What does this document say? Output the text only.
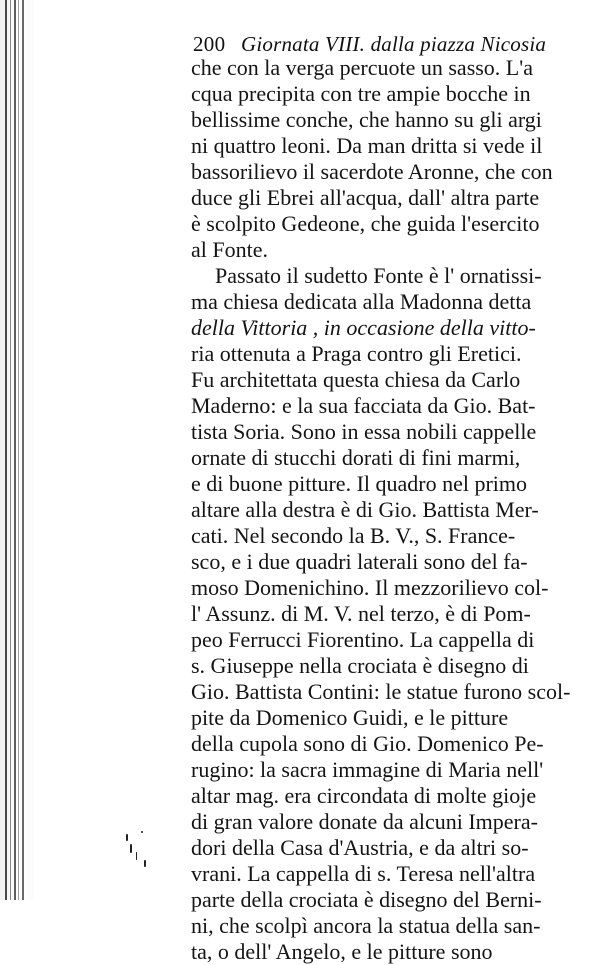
200 Giornata VIII. dalla piazza Nicosia
che con la verga percuote un sasso. L'a
cqua precipita con tre ampie bocche in
bellissime conche, che hanno su gli argi
ni quattro leoni. Da man dritta si vede il
bassorilievo il sacerdote Aronne, che con
duce gli Ebrei all'acqua, dall' altra parte
è scolpito Gedeone, che guida l'esercito
al Fonte.
Passato il sudetto Fonte è l' ornatissi-
ma chiesa dedicata alla Madonna detta
della Vittoria , in occasione della vitto-
ria ottenuta a Praga contro gli Eretici.
Fu architettata questa chiesa da Carlo
Maderno: e la sua facciata da Gio. Bat-
tista Soria. Sono in essa nobili cappelle
ornate di stucchi dorati di fini marmi,
e di buone pitture. Il quadro nel primo
altare alla destra è di Gio. Battista Mer-
cati. Nel secondo la B. V., S. France-
sco, e i due quadri laterali sono del fa-
moso Domenichino. Il mezzorilievo col-
l' Assunz. di M. V. nel terzo, è di Pom-
peo Ferrucci Fiorentino. La cappella di
s. Giuseppe nella crociata è disegno di
Gio. Battista Contini: le statue furono scol-
pite da Domenico Guidi, e le pitture
della cupola sono di Gio. Domenico Pe-
rugino: la sacra immagine di Maria nell'
altar mag. era circondata di molte gioje
di gran valore donate da alcuni Impera-
dori della Casa d'Austria, e da altri so-
vrani. La cappella di s. Teresa nell'altra
parte della crociata è disegno del Berni-
ni, che scolpì ancora la statua della san-
ta, o dell' Angelo, e le pitture sono
